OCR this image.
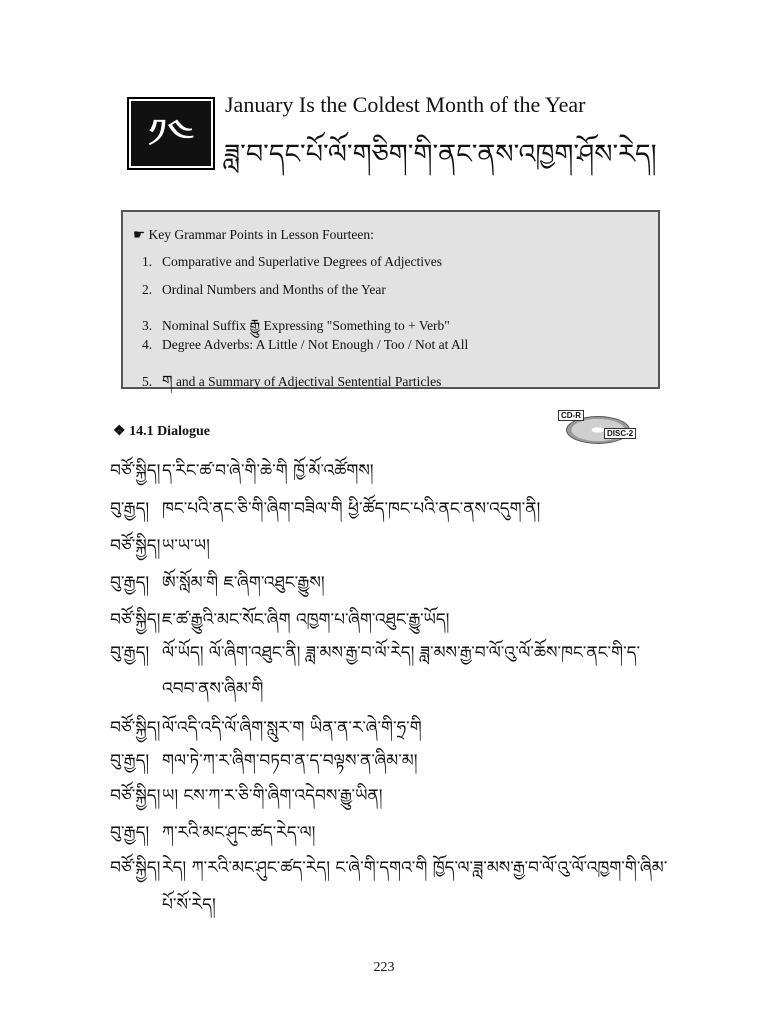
༡༤
January Is the Coldest Month of the Year
ཟླ་བ་དང་པོ་ལོ་གཅིག་གི་ནང་ནས་འཁྱག་ཤོས་རེད།
☛ Key Grammar Points in Lesson Fourteen:
1. Comparative and Superlative Degrees of Adjectives
2. Ordinal Numbers and Months of the Year
3. Nominal Suffix རྒྱུ Expressing "Something to + Verb"
4. Degree Adverbs: A Little / Not Enough / Too / Not at All
5. ག and a Summary of Adjectival Sentential Particles
CD-R
DISC-2
❖ 14.1 Dialogue
བཙོ་སྐྱིད།ད་རིང་ཚ་བ་ཞེ་གི་ཆེ་གི ཁྱོ་མོ་འཚོགས།
བུ་རྒྱད། ཁང་པའི་ནང་ཅི་གི་ཞིག་བཟིལ་གི ཕྱི་ཚོད་ཁང་པའི་ནང་ནས་འདུག་ནི།
བཙོ་སྐྱིད།ཡ་ཡ་ཡ།
བུ་རྒྱད། ཨོ་སློམ་གི ཇ་ཞིག་འཐུང་རྒྱུས།
བཙོ་སྐྱིད།ཇ་ཚ་རྒྱུའི་མང་སོང་ཞིག འཁྱག་པ་ཞིག་འཐུང་རྒྱུ་ཡོད།
བུ་རྒྱད། ལོ་ཡོད། ལོ་ཞིག་འཐུང་ནི། ཟླ་མས་རྒྱ་བ་ལོ་རེད། ཟླ་མས་རྒྱ་བ་ལོ་འུ་ལོ་ཆོས་ཁང་ནང་གི་ད་
འབབ་ནས་ཞིམ་གི
བཙོ་སྐྱིད།ལོ་འདི་འདི་ལོ་ཞིག་སླུར་ག ཡིན་ན་ར་ཞེ་གི་ཧྲ་གི
བུ་རྒྱད། གལ་ཏེ་ཀ་ར་ཞིག་བཏབ་ན་ད་བལྟས་ན་ཞིམ་མ།
བཙོ་སྐྱིད།ཡ། ངས་ཀ་ར་ཅི་གི་ཞིག་འདེབས་རྒྱུ་ཡིན།
བུ་རྒྱད། ཀ་རའི་མང་ཤུང་ཚད་རེད་ལ།
བཙོ་སྐྱིད།རེད། ཀ་རའི་མང་ཤུང་ཚད་རེད། ང་ཞེ་གི་དགའ་གི ཁྱོད་ལ་ཟླ་མས་རྒྱ་བ་ལོ་འུ་ལོ་འཁྱག་གི་ཞིམ་
པོ་སོ་རེད།
223
